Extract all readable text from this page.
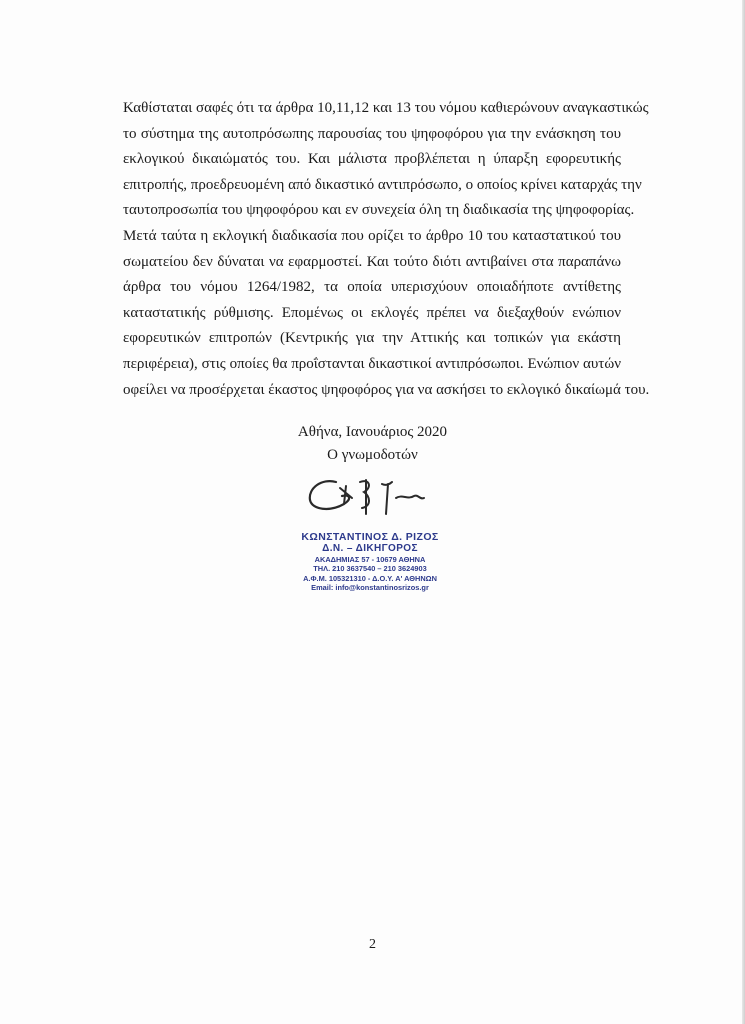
Καθίσταται σαφές ότι τα άρθρα 10,11,12 και 13 του νόμου καθιερώνουν αναγκαστικώς
το σύστημα της αυτοπρόσωπης παρουσίας του ψηφοφόρου για την ενάσκηση του
εκλογικού δικαιώματός του. Και μάλιστα προβλέπεται η ύπαρξη εφορευτικής
επιτροπής, προεδρευομένη από δικαστικό αντιπρόσωπο, ο οποίος κρίνει καταρχάς την
ταυτοπροσωπία του ψηφοφόρου και εν συνεχεία όλη τη διαδικασία της ψηφοφορίας.
Μετά ταύτα η εκλογική διαδικασία που ορίζει το άρθρο 10 του καταστατικού του
σωματείου δεν δύναται να εφαρμοστεί. Και τούτο διότι αντιβαίνει στα παραπάνω
άρθρα του νόμου 1264/1982, τα οποία υπερισχύουν οποιαδήποτε αντίθετης
καταστατικής ρύθμισης. Επομένως οι εκλογές πρέπει να διεξαχθούν ενώπιον
εφορευτικών επιτροπών (Κεντρικής για την Αττικής και τοπικών για εκάστη
περιφέρεια), στις οποίες θα προΐστανται δικαστικοί αντιπρόσωποι. Ενώπιον αυτών
οφείλει να προσέρχεται έκαστος ψηφοφόρος για να ασκήσει το εκλογικό δικαίωμά του.
Αθήνα, Ιανουάριος 2020
Ο γνωμοδοτών
ΚΩΝΣΤΑΝΤΙΝΟΣ Δ. ΡΙΖΟΣ
Δ.Ν. – ΔΙΚΗΓΟΡΟΣ
ΑΚΑΔΗΜΙΑΣ 57 - 10679 ΑΘΗΝΑ
ΤΗΛ. 210 3637540 – 210 3624903
Α.Φ.Μ. 105321310 - Δ.Ο.Υ. Α' ΑΘΗΝΩΝ
Email: info@konstantinosrizos.gr
2
